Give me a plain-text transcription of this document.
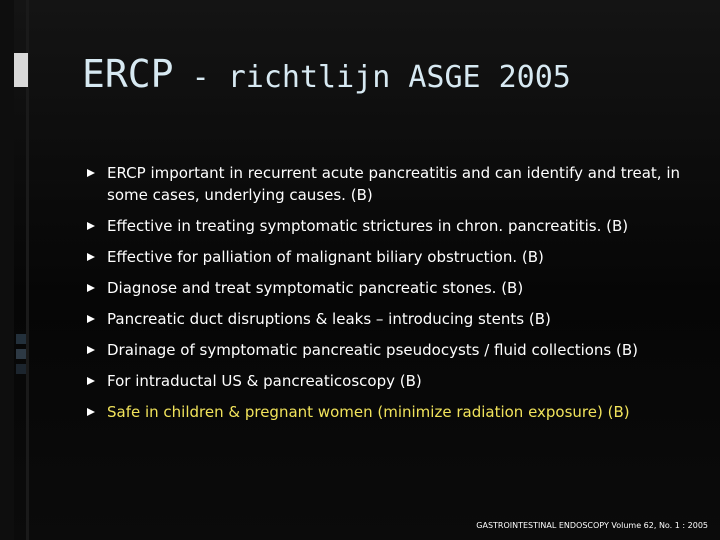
ERCP - richtlijn ASGE 2005
ERCP important in recurrent acute pancreatitis and can identify and treat, in some cases, underlying causes. (B)
Effective in treating symptomatic strictures in chron. pancreatitis. (B)
Effective for palliation of malignant biliary obstruction. (B)
Diagnose and treat symptomatic pancreatic stones. (B)
Pancreatic duct disruptions & leaks – introducing stents (B)
Drainage of symptomatic pancreatic pseudocysts / fluid collections (B)
For intraductal US & pancreaticoscopy (B)
Safe in children & pregnant women (minimize radiation exposure) (B)
GASTROINTESTINAL ENDOSCOPY Volume 62, No. 1 : 2005
